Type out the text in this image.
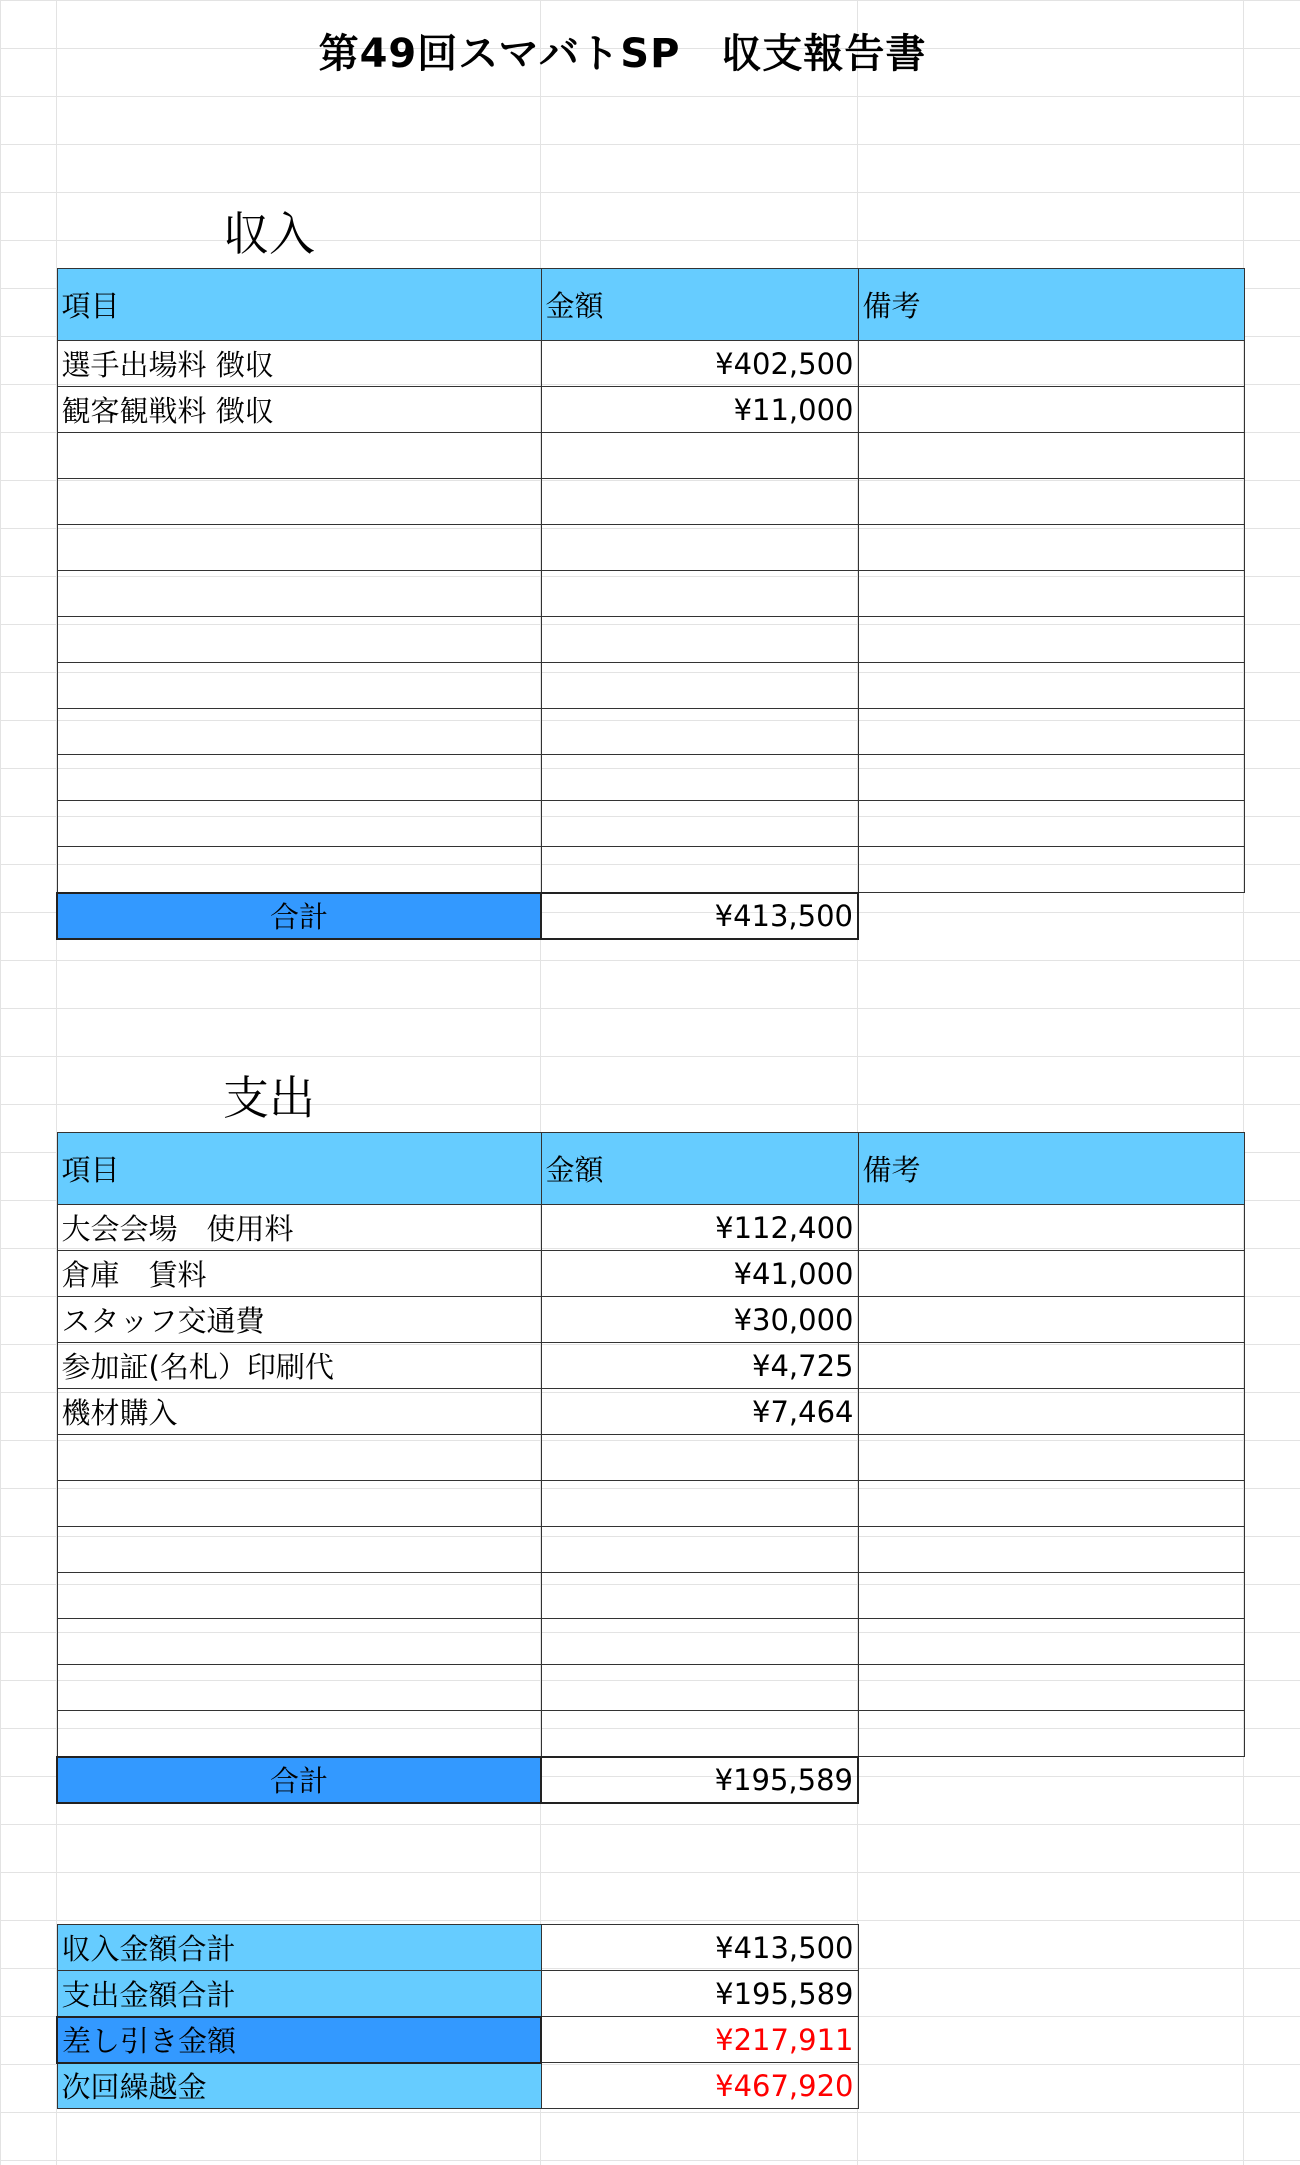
第49回スマバトSP　収支報告書
収入
項目	金額	備考
選手出場料 徴収	¥402,500	
観客観戦料 徴収	¥11,000	

合計	¥413,500	
支出
項目	金額	備考
大会会場　使用料	¥112,400	
倉庫　賃料	¥41,000	
スタッフ交通費	¥30,000	
参加証(名札）印刷代	¥4,725	
機材購入	¥7,464	

合計	¥195,589	
収入金額合計	¥413,500
支出金額合計	¥195,589
差し引き金額	¥217,911
次回繰越金	¥467,920
